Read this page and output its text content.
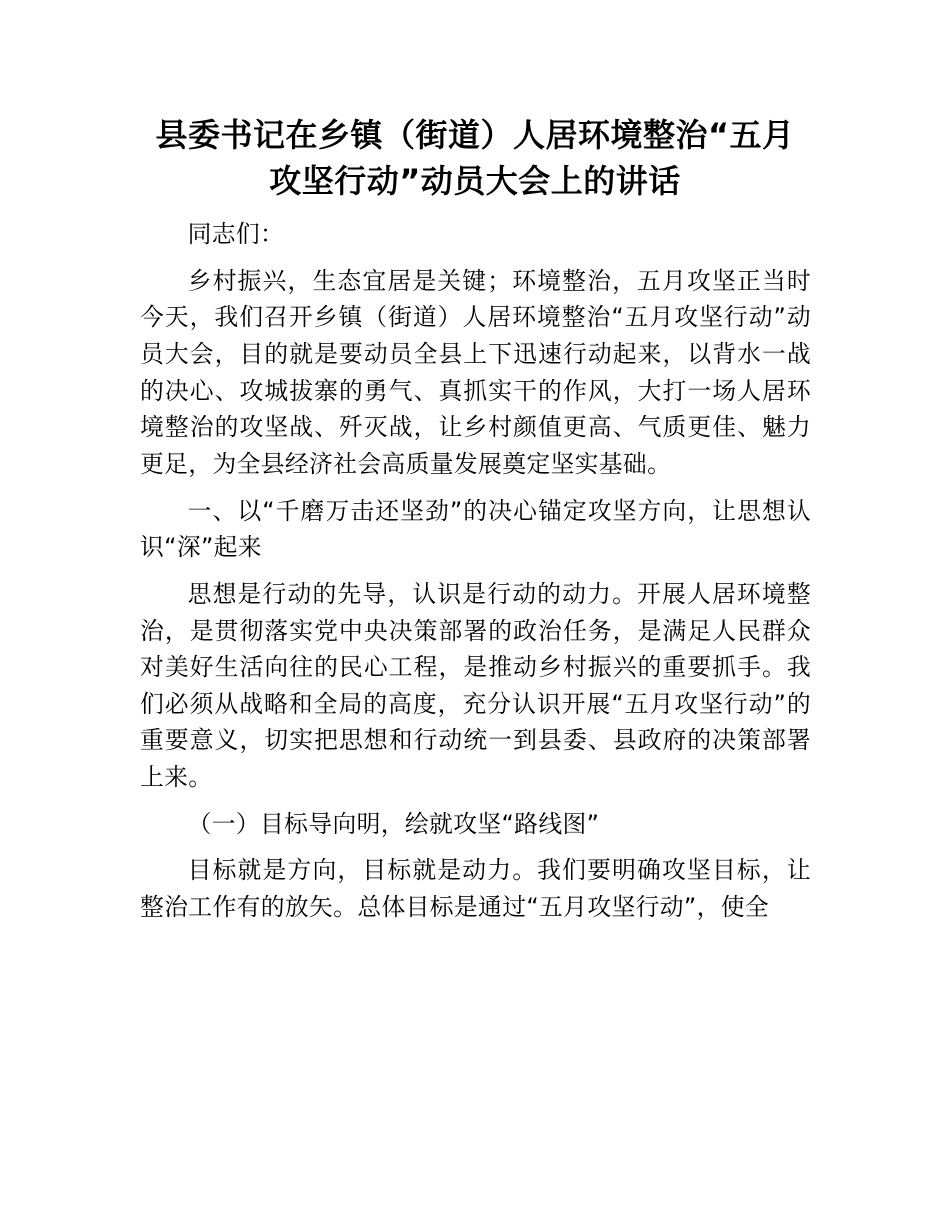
县委书记在乡镇（街道）人居环境整治“五月攻坚行动”动员大会上的讲话

同志们：

乡村振兴，生态宜居是关键；环境整治，五月攻坚正当时今天，我们召开乡镇（街道）人居环境整治“五月攻坚行动”动员大会，目的就是要动员全县上下迅速行动起来，以背水一战的决心、攻城拔寨的勇气、真抓实干的作风，大打一场人居环境整治的攻坚战、歼灭战，让乡村颜值更高、气质更佳、魅力更足，为全县经济社会高质量发展奠定坚实基础。

一、以“千磨万击还坚劲”的决心锚定攻坚方向，让思想认识“深”起来

思想是行动的先导，认识是行动的动力。开展人居环境整治，是贯彻落实党中央决策部署的政治任务，是满足人民群众对美好生活向往的民心工程，是推动乡村振兴的重要抓手。我们必须从战略和全局的高度，充分认识开展“五月攻坚行动”的重要意义，切实把思想和行动统一到县委、县政府的决策部署上来。

（一）目标导向明，绘就攻坚“路线图”

目标就是方向，目标就是动力。我们要明确攻坚目标，让整治工作有的放矢。总体目标是通过“五月攻坚行动”，使全
